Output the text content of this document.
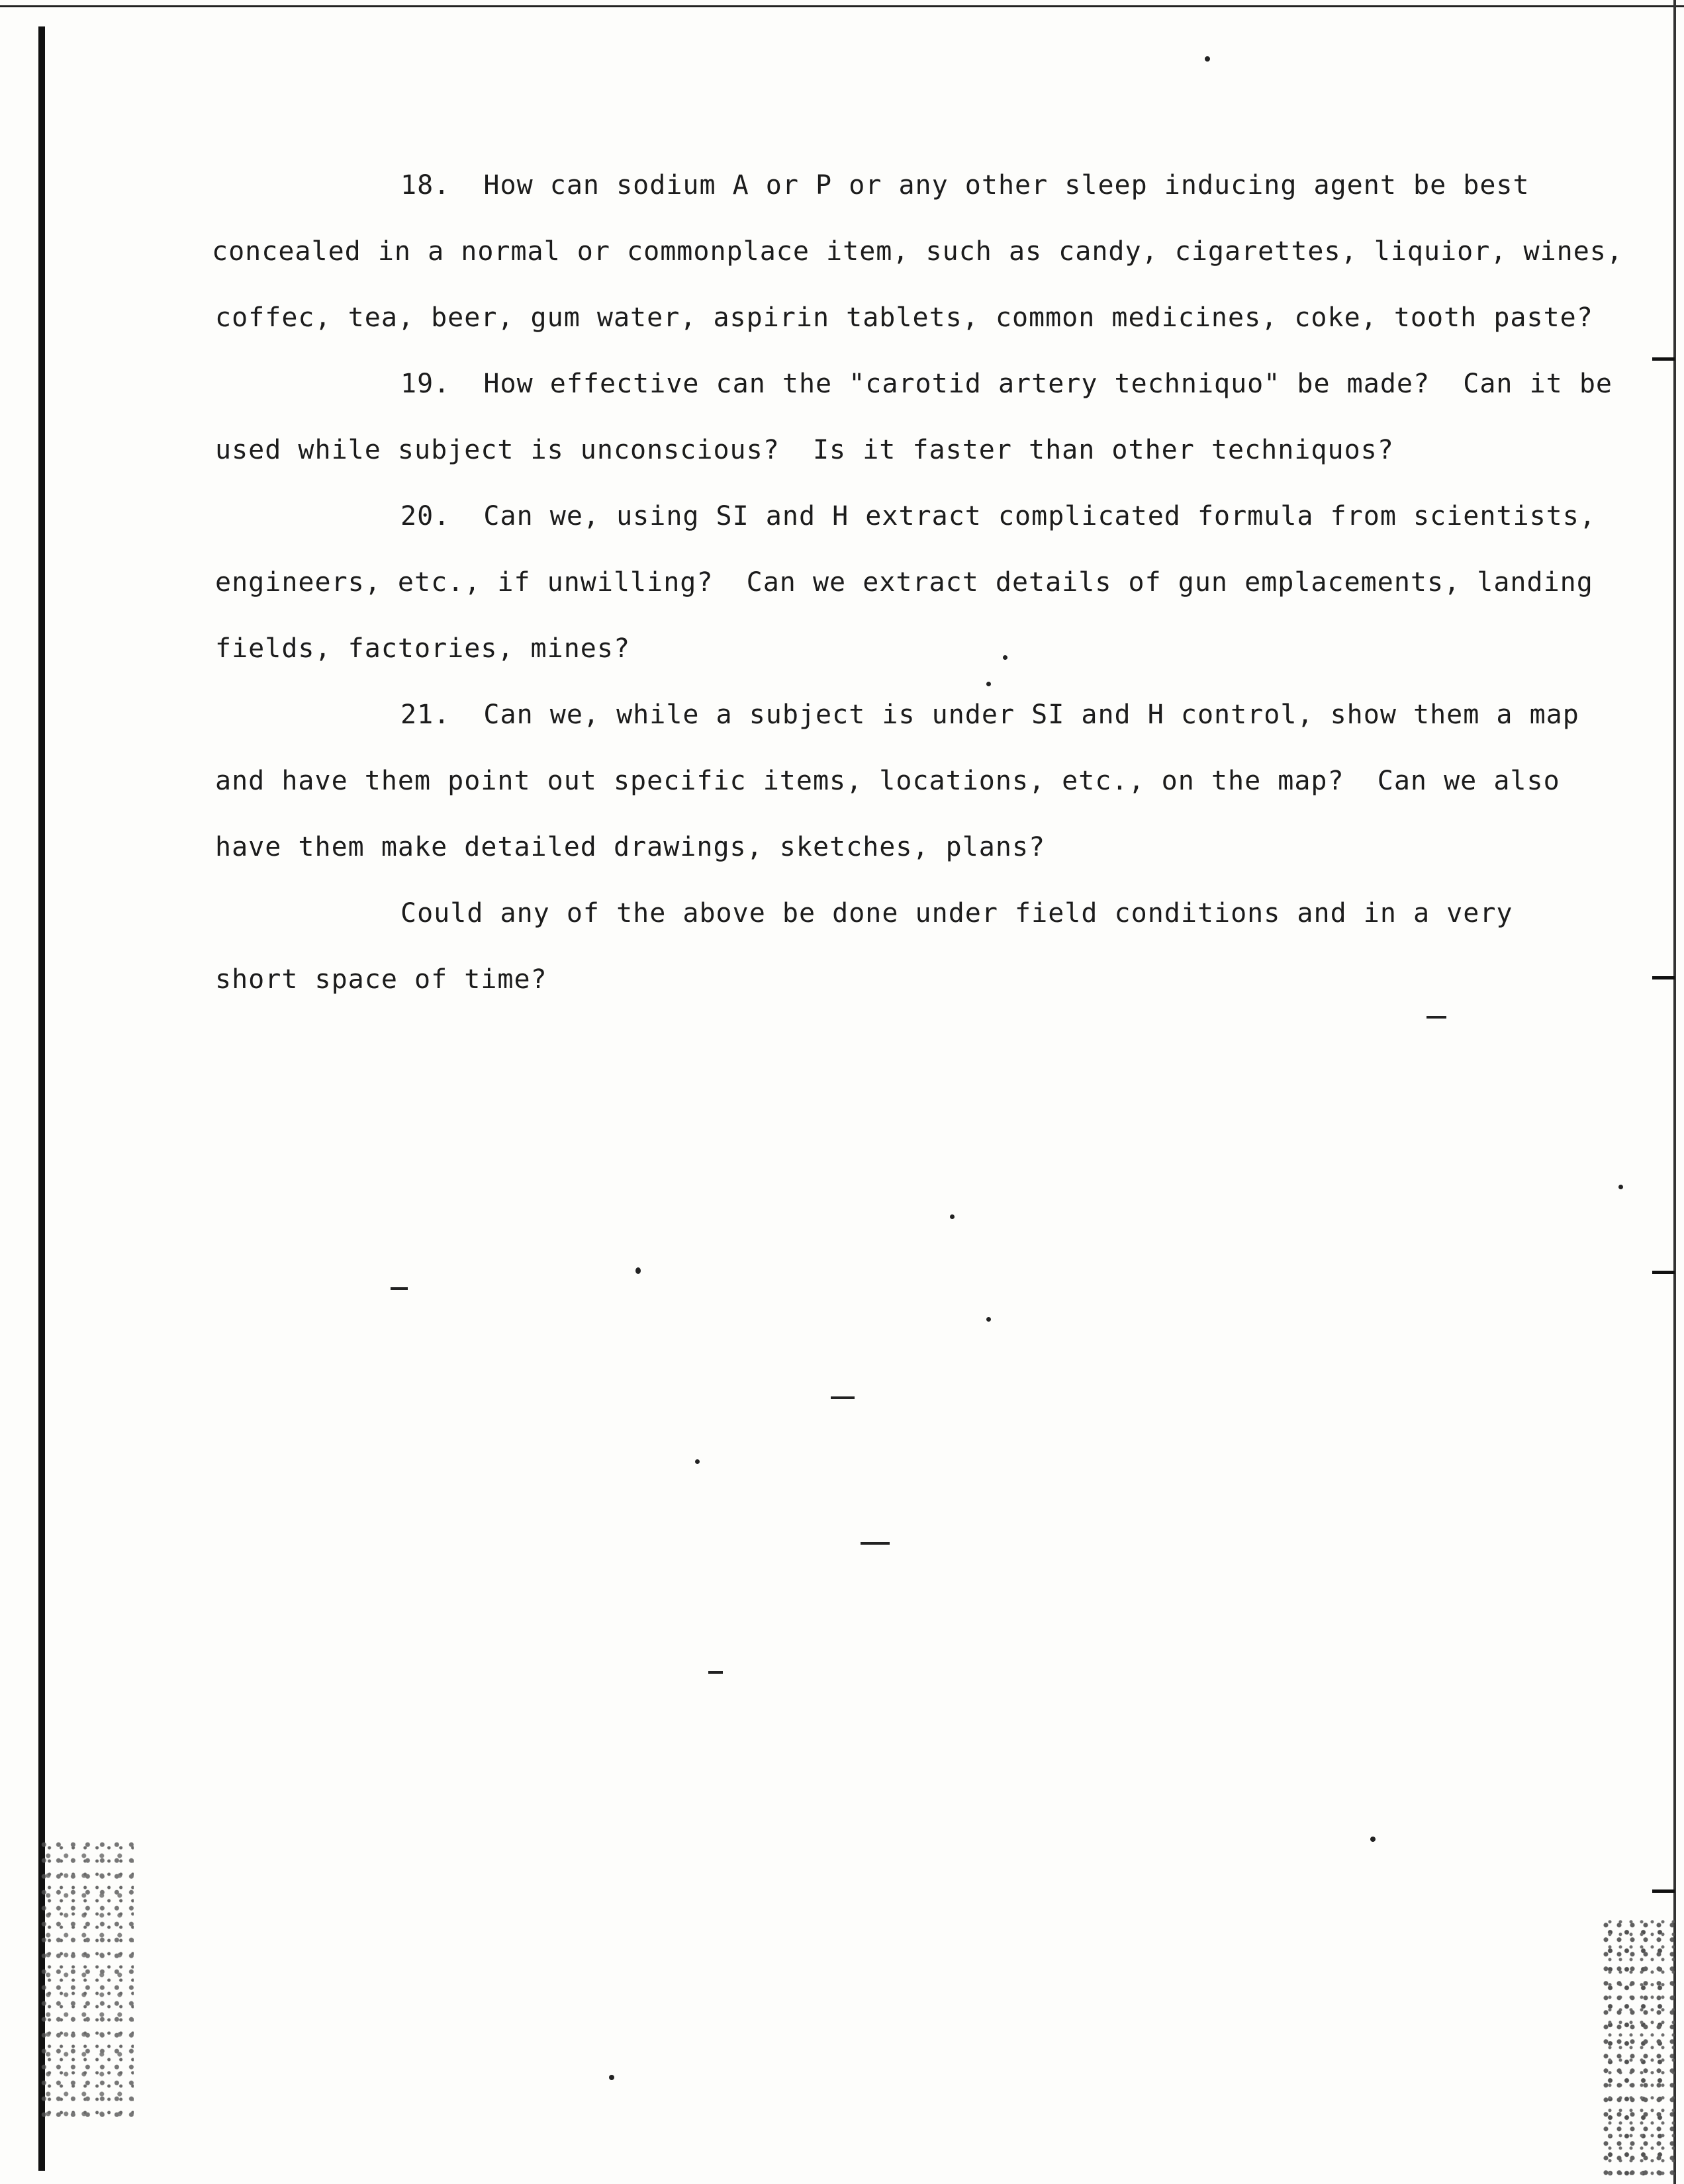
18.  How can sodium A or P or any other sleep inducing agent be best
concealed in a normal or commonplace item, such as candy, cigarettes, liquior, wines,
coffec, tea, beer, gum water, aspirin tablets, common medicines, coke, tooth paste?

19.  How effective can the "carotid artery techniquo" be made?  Can it be
used while subject is unconscious?  Is it faster than other techniquos?

20.  Can we, using SI and H extract complicated formula from scientists,
engineers, etc., if unwilling?  Can we extract details of gun emplacements, landing
fields, factories, mines?

21.  Can we, while a subject is under SI and H control, show them a map
and have them point out specific items, locations, etc., on the map?  Can we also
have them make detailed drawings, sketches, plans?

Could any of the above be done under field conditions and in a very
short space of time?
